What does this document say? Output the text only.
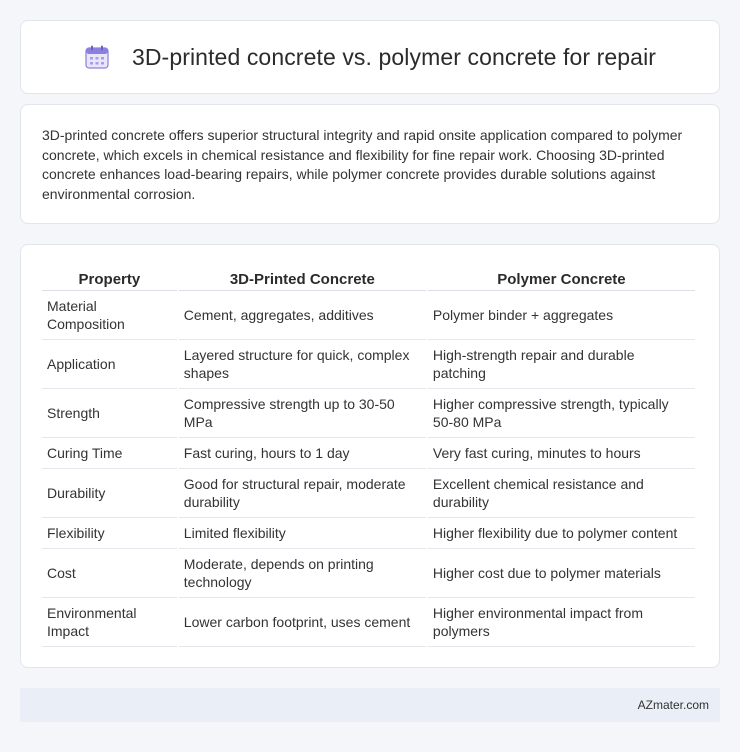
3D-printed concrete vs. polymer concrete for repair

3D-printed concrete offers superior structural integrity and rapid onsite application compared to polymer concrete, which excels in chemical resistance and flexibility for fine repair work. Choosing 3D-printed concrete enhances load-bearing repairs, while polymer concrete provides durable solutions against environmental corrosion.

Property	3D-Printed Concrete	Polymer Concrete
Material Composition	Cement, aggregates, additives	Polymer binder + aggregates
Application	Layered structure for quick, complex shapes	High-strength repair and durable patching
Strength	Compressive strength up to 30-50 MPa	Higher compressive strength, typically 50-80 MPa
Curing Time	Fast curing, hours to 1 day	Very fast curing, minutes to hours
Durability	Good for structural repair, moderate durability	Excellent chemical resistance and durability
Flexibility	Limited flexibility	Higher flexibility due to polymer content
Cost	Moderate, depends on printing technology	Higher cost due to polymer materials
Environmental Impact	Lower carbon footprint, uses cement	Higher environmental impact from polymers
AZmater.com
